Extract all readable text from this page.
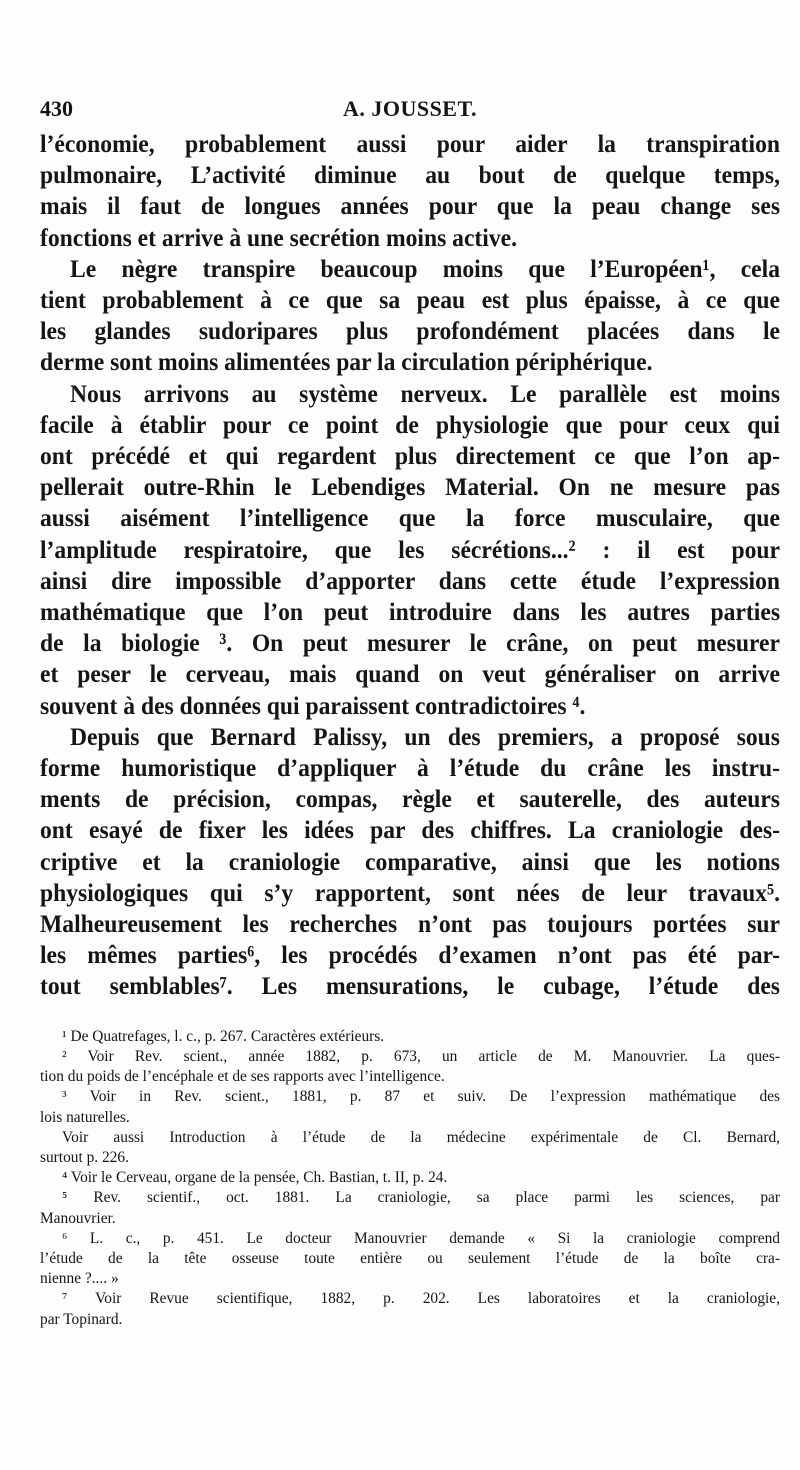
430	A. JOUSSET.
l’économie, probablement aussi pour aider la transpiration
pulmonaire, L’activité diminue au bout de quelque temps,
mais il faut de longues années pour que la peau change ses
fonctions et arrive à une secrétion moins active.
Le nègre transpire beaucoup moins que l’Européen¹, cela
tient probablement à ce que sa peau est plus épaisse, à ce que
les glandes sudoripares plus profondément placées dans le
derme sont moins alimentées par la circulation périphérique.
Nous arrivons au système nerveux. Le parallèle est moins
facile à établir pour ce point de physiologie que pour ceux qui
ont précédé et qui regardent plus directement ce que l’on ap-
pellerait outre-Rhin le Lebendiges Material. On ne mesure pas
aussi aisément l’intelligence que la force musculaire, que
l’amplitude respiratoire, que les sécrétions...² : il est pour
ainsi dire impossible d’apporter dans cette étude l’expression
mathématique que l’on peut introduire dans les autres parties
de la biologie ³. On peut mesurer le crâne, on peut mesurer
et peser le cerveau, mais quand on veut généraliser on arrive
souvent à des données qui paraissent contradictoires ⁴.
Depuis que Bernard Palissy, un des premiers, a proposé sous
forme humoristique d’appliquer à l’étude du crâne les instru-
ments de précision, compas, règle et sauterelle, des auteurs
ont esayé de fixer les idées par des chiffres. La craniologie des-
criptive et la craniologie comparative, ainsi que les notions
physiologiques qui s’y rapportent, sont nées de leur travaux⁵.
Malheureusement les recherches n’ont pas toujours portées sur
les mêmes parties⁶, les procédés d’examen n’ont pas été par-
tout semblables⁷. Les mensurations, le cubage, l’étude des
¹ De Quatrefages, l. c., p. 267. Caractères extérieurs.
² Voir Rev. scient., année 1882, p. 673, un article de M. Manouvrier. La ques-
tion du poids de l’encéphale et de ses rapports avec l’intelligence.
³ Voir in Rev. scient., 1881, p. 87 et suiv. De l’expression mathématique des
lois naturelles.
Voir aussi Introduction à l’étude de la médecine expérimentale de Cl. Bernard,
surtout p. 226.
⁴ Voir le Cerveau, organe de la pensée, Ch. Bastian, t. II, p. 24.
⁵ Rev. scientif., oct. 1881. La craniologie, sa place parmi les sciences, par
Manouvrier.
⁶ L. c., p. 451. Le docteur Manouvrier demande « Si la craniologie comprend
l’étude de la tête osseuse toute entière ou seulement l’étude de la boîte cra-
nienne ?.... »
⁷ Voir Revue scientifique, 1882, p. 202. Les laboratoires et la craniologie,
par Topinard.
